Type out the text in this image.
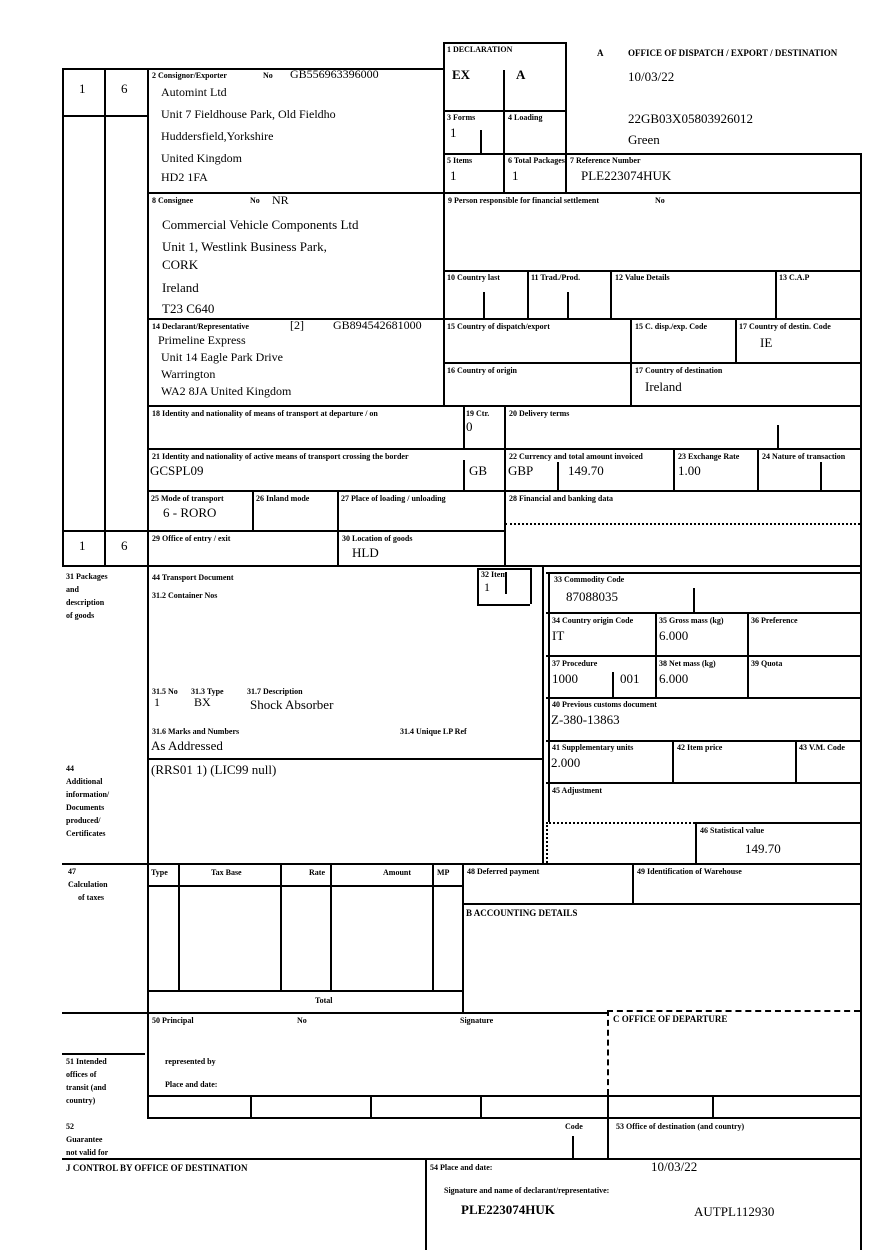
1	6
1	6
31 Packages
and
description
of goods
44
Additional
information/
Documents
produced/
Certificates
47
Calculation
of taxes
51 Intended
offices of
transit (and
country)
52
Guarantee
not valid for
1 DECLARATION
EX	A
A	OFFICE OF DISPATCH / EXPORT / DESTINATION
10/03/22
22GB03X05803926012
Green
2 Consignor/Exporter	No GB556963396000
Automint Ltd
Unit 7 Fieldhouse Park, Old Fieldho
Huddersfield,Yorkshire
United Kingdom
HD2 1FA
3 Forms
1
4 Loading
5 Items
1
6 Total Packages
1
7 Reference Number
PLE223074HUK
8 Consignee	No NR
Commercial Vehicle Components Ltd
Unit 1, Westlink Business Park,
CORK
Ireland
T23 C640
9 Person responsible for financial settlement	No
10 Country last	11 Trad./Prod.	12 Value Details	13 C.A.P
14 Declarant/Representative	[2] GB894542681000
Primeline Express
Unit 14 Eagle Park Drive
Warrington
WA2 8JA United Kingdom
15 Country of dispatch/export	15 C. disp./exp. Code	17 Country of destin. Code
IE
16 Country of origin	17 Country of destination
Ireland
18 Identity and nationality of means of transport at departure / on	19 Ctr.
0
20 Delivery terms
21 Identity and nationality of active means of transport crossing the border
GCSPL09	GB
22 Currency and total amount invoiced
GBP	149.70
23 Exchange Rate
1.00
24 Nature of transaction
25 Mode of transport
6 - RORO
26 Inland mode	27 Place of loading / unloading	28 Financial and banking data
29 Office of entry / exit	30 Location of goods
HLD
44 Transport Document
31.2 Container Nos
32 Item
1
33 Commodity Code
87088035
34 Country origin Code
IT
35 Gross mass (kg)
6.000
36 Preference
37 Procedure
1000	001
38 Net mass (kg)
6.000
39 Quota
31.5 No
1
31.3 Type
BX
31.7 Description
Shock Absorber
31.6 Marks and Numbers
As Addressed
31.4 Unique LP Ref
40 Previous customs document
Z-380-13863
41 Supplementary units
2.000
42 Item price	43 V.M. Code
(RRS01 1) (LIC99 null)
45 Adjustment
46 Statistical value
149.70
Type	Tax Base	Rate	Amount	MP
Total
48 Deferred payment	49 Identification of Warehouse
B ACCOUNTING DETAILS
50 Principal	No	Signature
represented by
Place and date:
C OFFICE OF DEPARTURE
Code	53 Office of destination (and country)
J CONTROL BY OFFICE OF DESTINATION	54 Place and date:	10/03/22
Signature and name of declarant/representative:
PLE223074HUK	AUTPL112930
